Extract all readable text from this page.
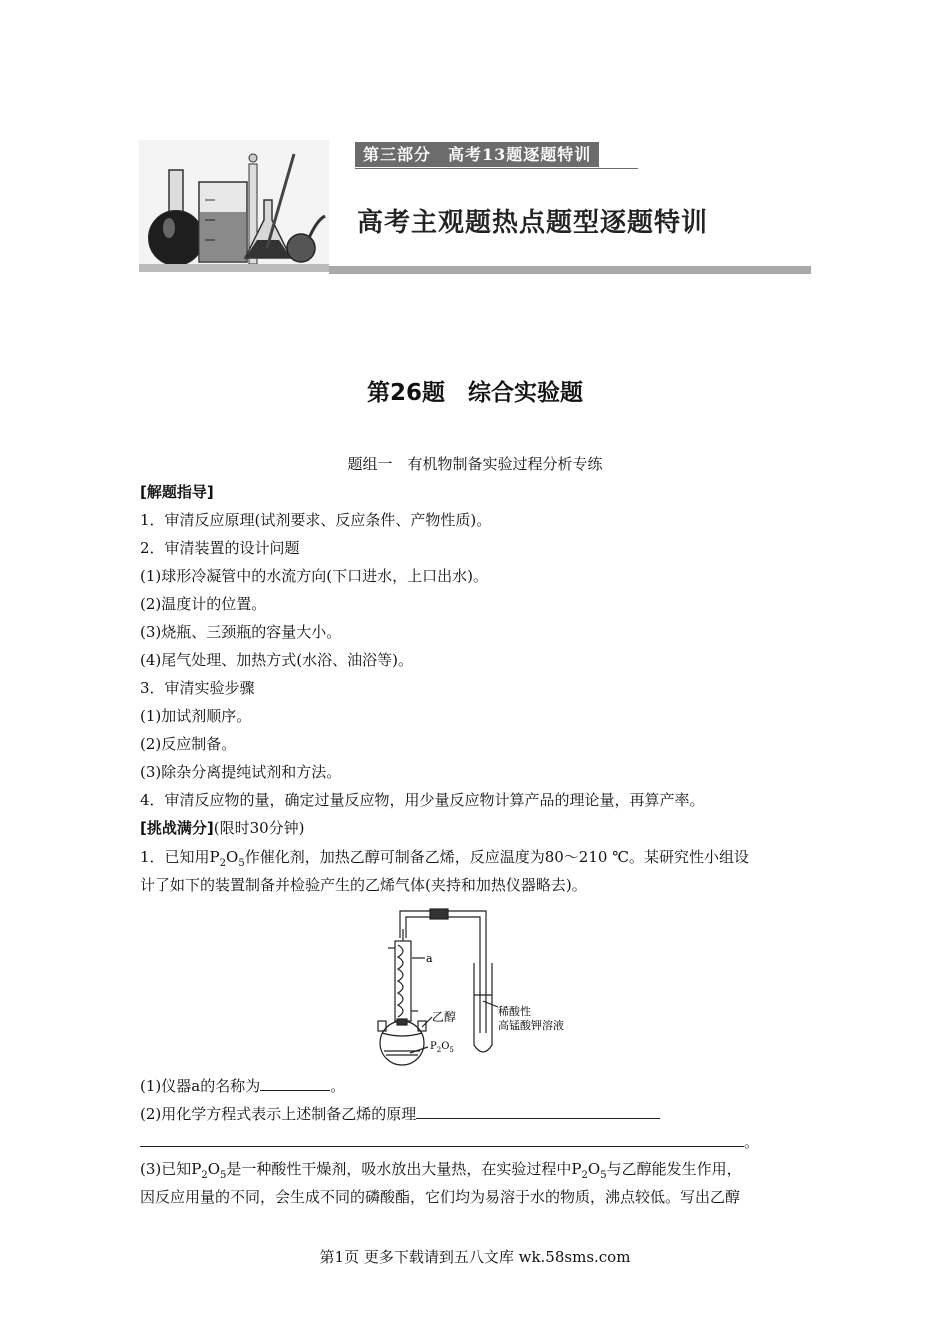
第三部分　高考13题逐题特训
高考主观题热点题型逐题特训
第26题　综合实验题
题组一　有机物制备实验过程分析专练
[解题指导]
1．审清反应原理(试剂要求、反应条件、产物性质)。
2．审清装置的设计问题
(1)球形冷凝管中的水流方向(下口进水，上口出水)。
(2)温度计的位置。
(3)烧瓶、三颈瓶的容量大小。
(4)尾气处理、加热方式(水浴、油浴等)。
3．审清实验步骤
(1)加试剂顺序。
(2)反应制备。
(3)除杂分离提纯试剂和方法。
4．审清反应物的量，确定过量反应物，用少量反应物计算产品的理论量，再算产率。
[挑战满分](限时30分钟)
1．已知用$P_2O_5$作催化剂，加热乙醇可制备乙烯，反应温度为80～210 ℃。某研究性小组设
计了如下的装置制备并检验产生的乙烯气体(夹持和加热仪器略去)。
a
乙醇
$P_2O_5$
稀酸性
高锰酸钾溶液
(1)仪器a的名称为	。
(2)用化学方程式表示上述制备乙烯的原理
。
(3)已知$P_2O_5$是一种酸性干燥剂，吸水放出大量热，在实验过程中$P_2O_5$与乙醇能发生作用，
因反应用量的不同，会生成不同的磷酸酯，它们均为易溶于水的物质，沸点较低。写出乙醇
第1页 更多下载请到五八文库 wk.58sms.com
